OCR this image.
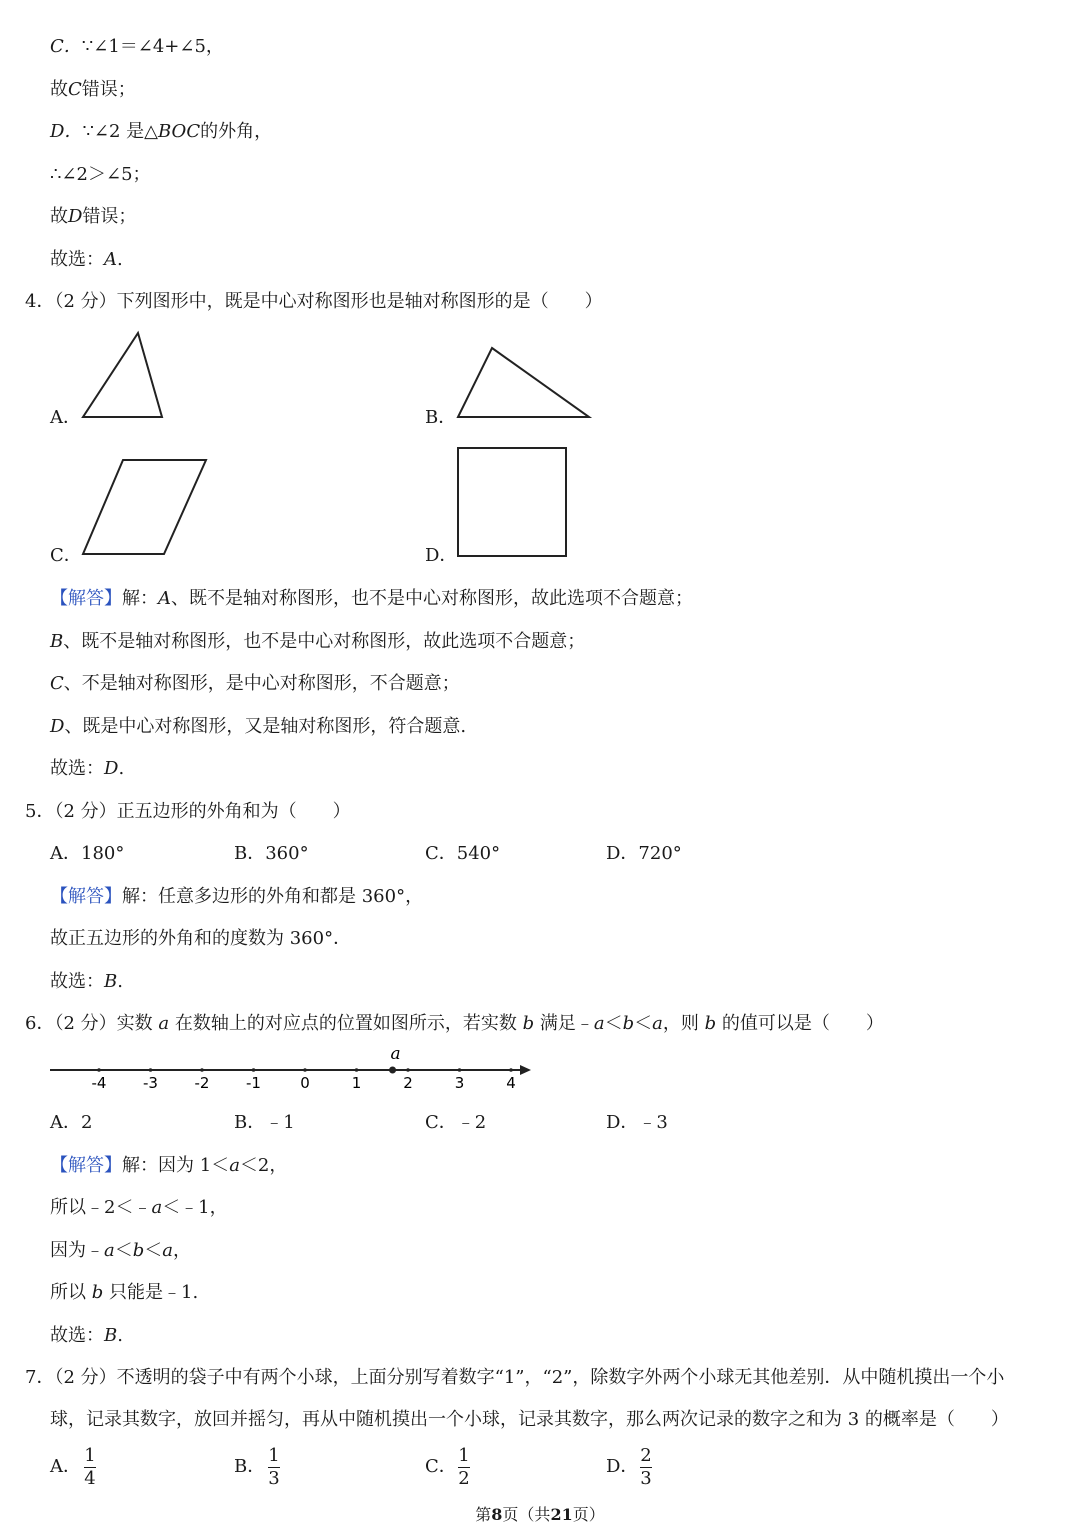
C．∵∠1＝∠4+∠5，
故C错误；
D．∵∠2 是△BOC的外角，
∴∠2＞∠5；
故D错误；
故选：A.
4．（2 分）下列图形中，既是中心对称图形也是轴对称图形的是（　　）
A．	B．
C．	D．
【解答】解：A、既不是轴对称图形，也不是中心对称图形，故此选项不合题意；
B、既不是轴对称图形，也不是中心对称图形，故此选项不合题意；
C、不是轴对称图形，是中心对称图形，不合题意；
D、既是中心对称图形，又是轴对称图形，符合题意.
故选：D.
5．（2 分）正五边形的外角和为（　　）
A．180°	B．360°	C．540°	D．720°
【解答】解：任意多边形的外角和都是 360°，
故正五边形的外角和的度数为 360°．
故选：B.
6．（2 分）实数 a 在数轴上的对应点的位置如图所示，若实数 b 满足﹣a＜b＜a，则 b 的值可以是（　　）
-4 -3 -2 -1	0	1	2	3	4
a
A．2	B．﹣1	C．﹣2	D．﹣3
【解答】解：因为 1＜a＜2，
所以﹣2＜﹣a＜﹣1，
因为﹣a＜b＜a，
所以 b 只能是﹣1.
故选：B.
7．（2 分）不透明的袋子中有两个小球，上面分别写着数字“1”，“2”，除数字外两个小球无其他差别．从中随机摸出一个小
球，记录其数字，放回并摇匀，再从中随机摸出一个小球，记录其数字，那么两次记录的数字之和为 3 的概率是（　　）
A．
1
4
B．
1
3
C．
1
2
D．
2
3
第8页（共21页）
